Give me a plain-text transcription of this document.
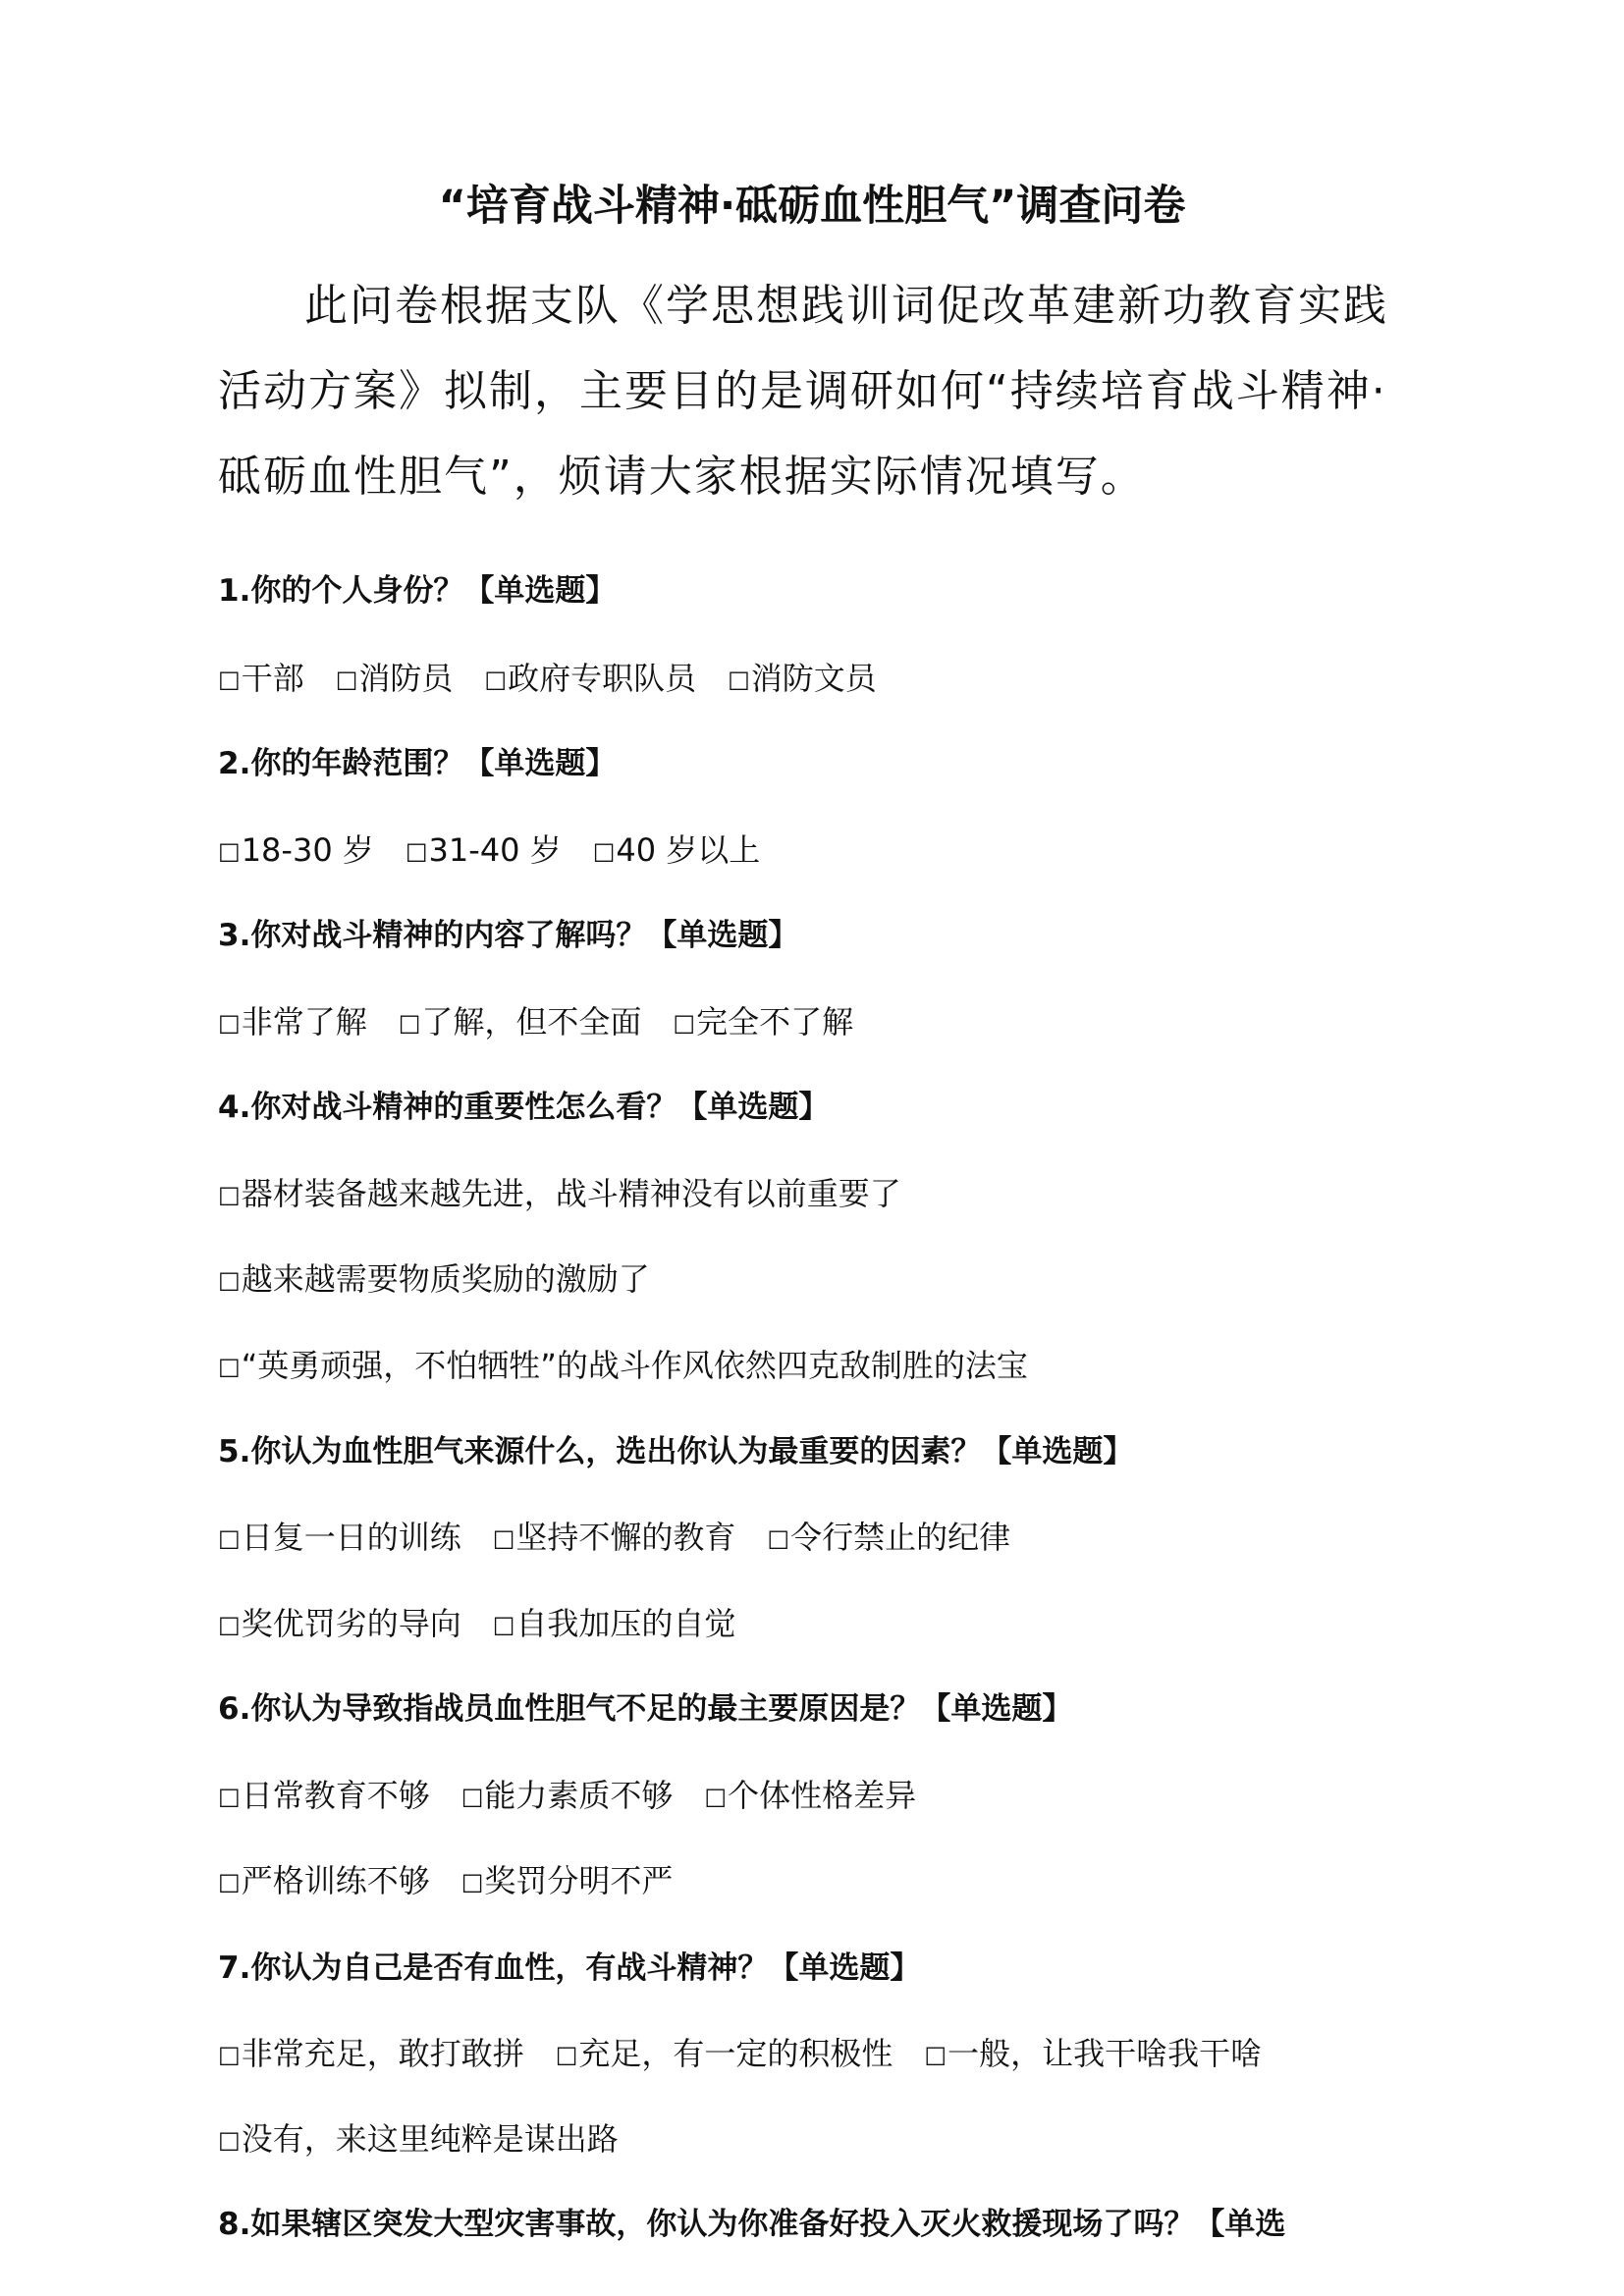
“培育战斗精神·砥砺血性胆气”调查问卷

此问卷根据支队《学思想践训词促改革建新功教育实践活动方案》拟制，主要目的是调研如何“持续培育战斗精神·砥砺血性胆气”，烦请大家根据实际情况填写。

1.你的个人身份？【单选题】
□干部 □消防员 □政府专职队员 □消防文员
2.你的年龄范围？【单选题】
□18-30 岁 □31-40 岁 □40 岁以上
3.你对战斗精神的内容了解吗？【单选题】
□非常了解 □了解，但不全面 □完全不了解
4.你对战斗精神的重要性怎么看？【单选题】
□器材装备越来越先进，战斗精神没有以前重要了
□越来越需要物质奖励的激励了
□“英勇顽强，不怕牺牲”的战斗作风依然四克敌制胜的法宝
5.你认为血性胆气来源什么，选出你认为最重要的因素？【单选题】
□日复一日的训练 □坚持不懈的教育 □令行禁止的纪律
□奖优罚劣的导向 □自我加压的自觉
6.你认为导致指战员血性胆气不足的最主要原因是？【单选题】
□日常教育不够 □能力素质不够 □个体性格差异
□严格训练不够 □奖罚分明不严
7.你认为自己是否有血性，有战斗精神？【单选题】
□非常充足，敢打敢拼 □充足，有一定的积极性 □一般，让我干啥我干啥
□没有，来这里纯粹是谋出路
8.如果辖区突发大型灾害事故，你认为你准备好投入灭火救援现场了吗？【单选
